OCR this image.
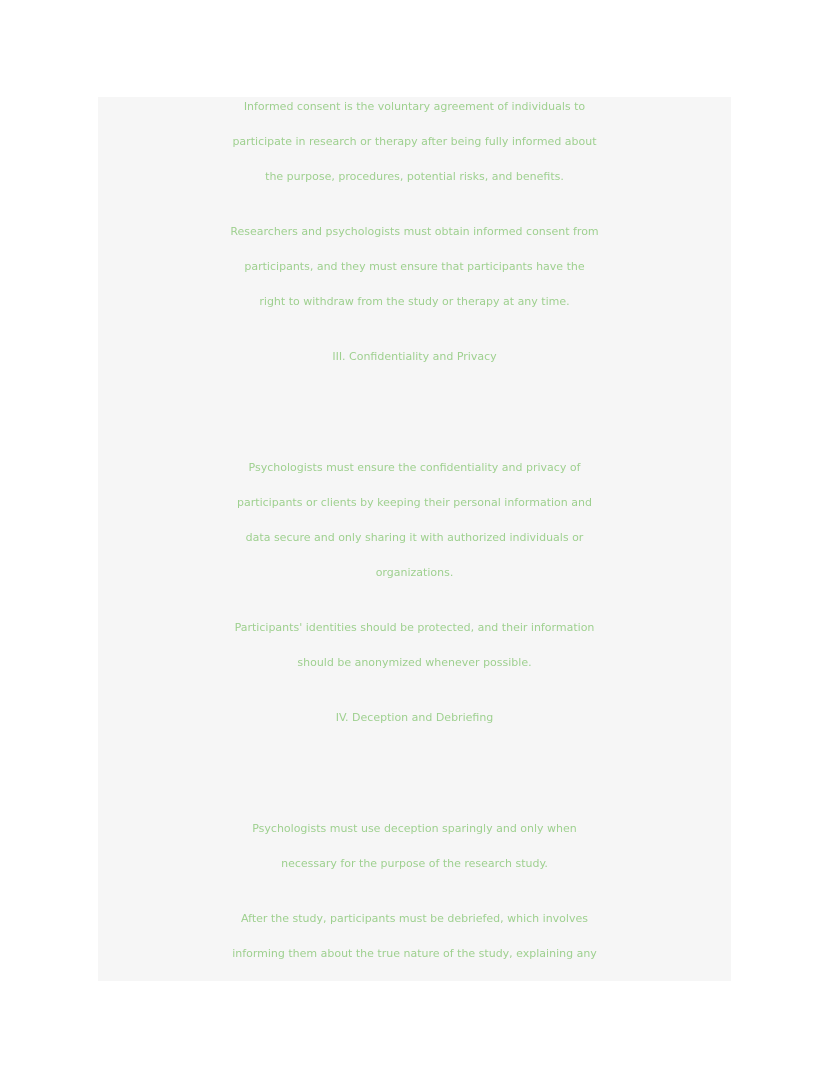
Informed consent is the voluntary agreement of individuals to
participate in research or therapy after being fully informed about
the purpose, procedures, potential risks, and benefits.
Researchers and psychologists must obtain informed consent from
participants, and they must ensure that participants have the
right to withdraw from the study or therapy at any time.
III. Confidentiality and Privacy
Psychologists must ensure the confidentiality and privacy of
participants or clients by keeping their personal information and
data secure and only sharing it with authorized individuals or
organizations.
Participants' identities should be protected, and their information
should be anonymized whenever possible.
IV. Deception and Debriefing
Psychologists must use deception sparingly and only when
necessary for the purpose of the research study.
After the study, participants must be debriefed, which involves
informing them about the true nature of the study, explaining any
